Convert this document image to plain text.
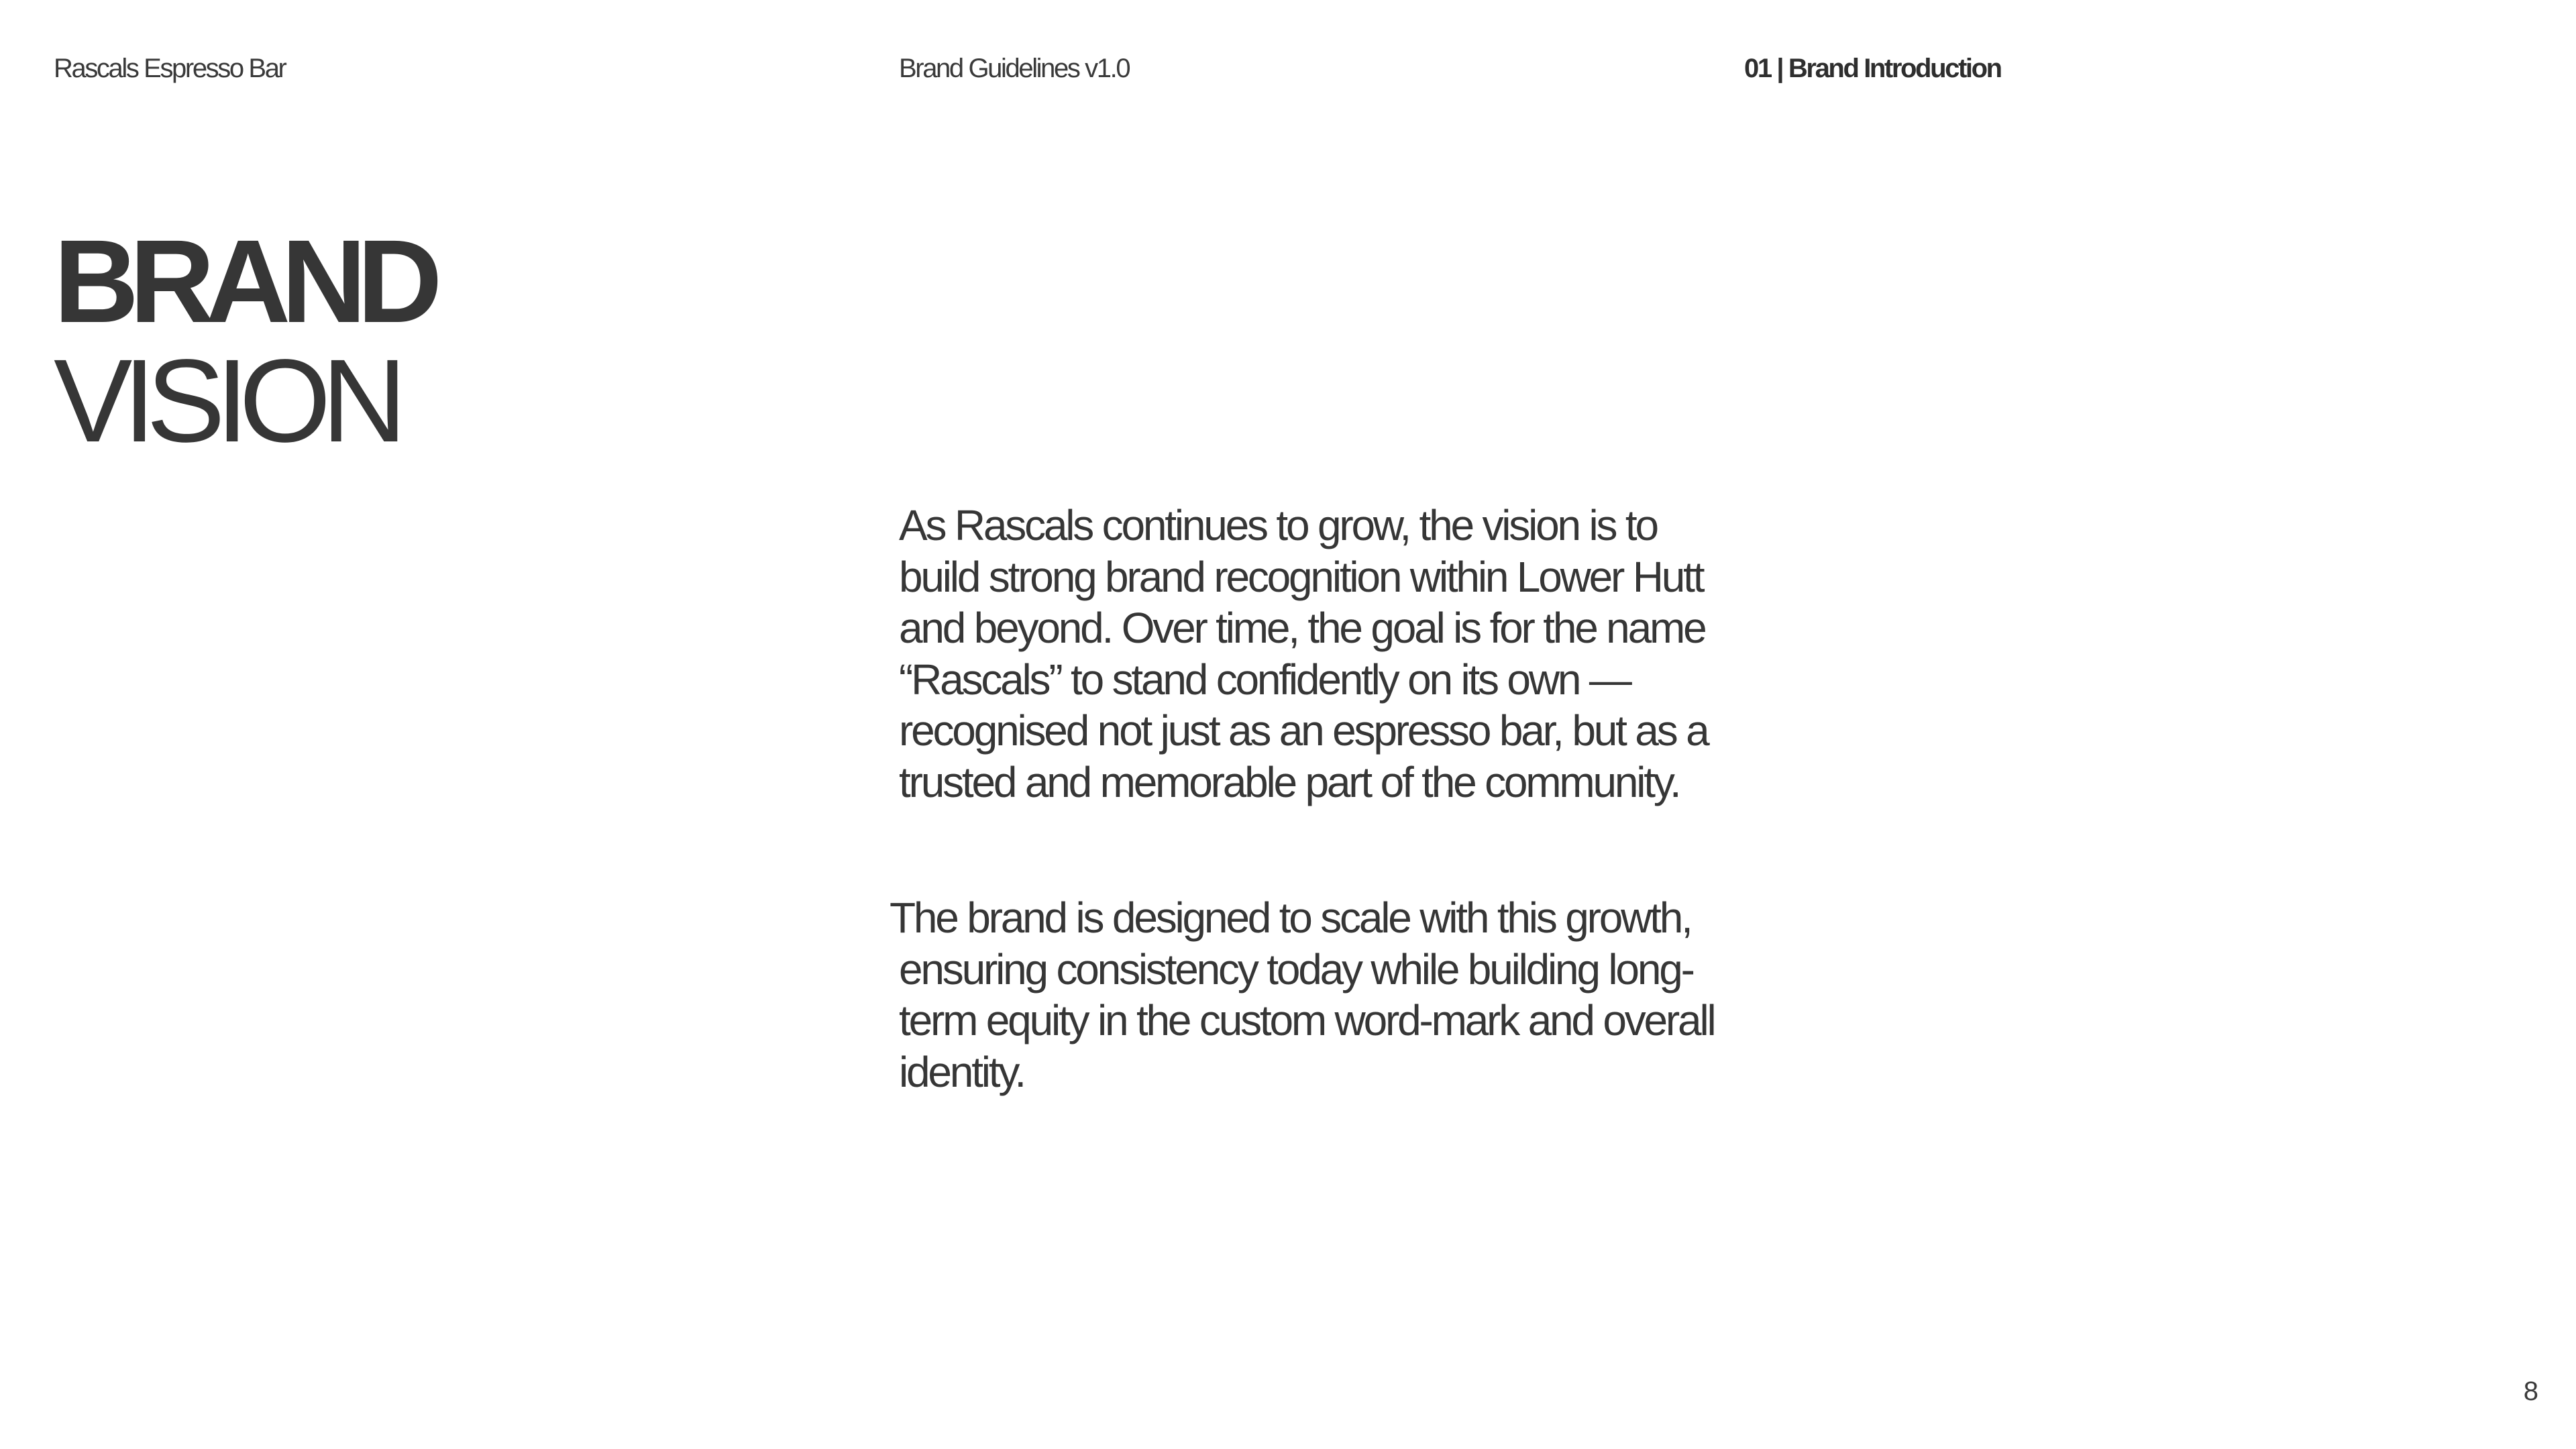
Rascals Espresso Bar	Brand Guidelines v1.0	01 | Brand Introduction
BRAND
VISION

As Rascals continues to grow, the vision is to build strong brand recognition within Lower Hutt and beyond. Over time, the goal is for the name “Rascals” to stand confidently on its own — recognised not just as an espresso bar, but as a trusted and memorable part of the community.

The brand is designed to scale with this growth, ensuring consistency today while building long-term equity in the custom word-mark and overall identity.

8
